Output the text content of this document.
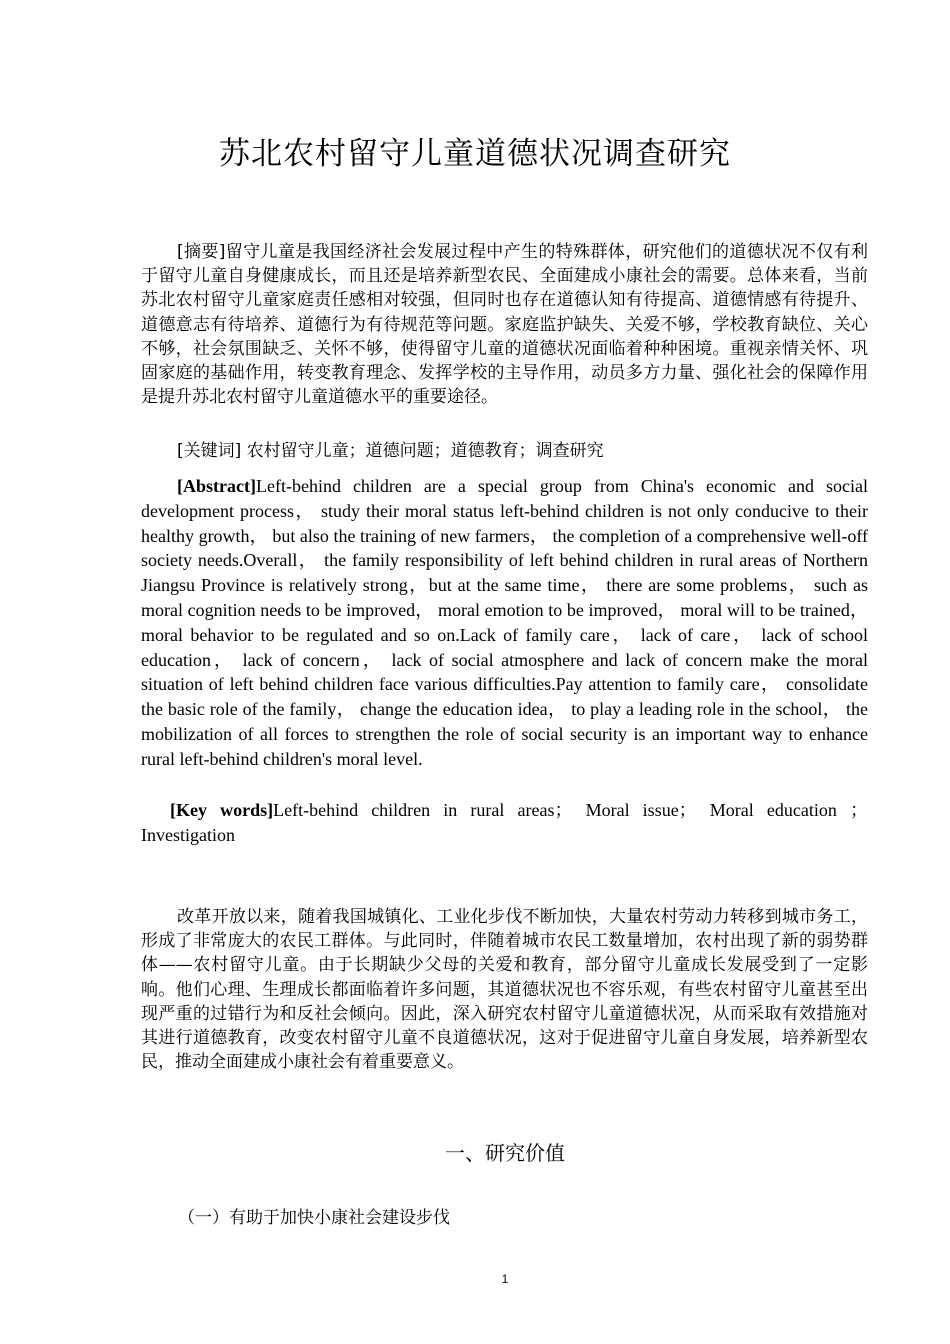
苏北农村留守儿童道德状况调查研究
[摘要]留守儿童是我国经济社会发展过程中产生的特殊群体，研究他们的道德状况不仅有利于留守儿童自身健康成长，而且还是培养新型农民、全面建成小康社会的需要。总体来看，当前苏北农村留守儿童家庭责任感相对较强，但同时也存在道德认知有待提高、道德情感有待提升、道德意志有待培养、道德行为有待规范等问题。家庭监护缺失、关爱不够，学校教育缺位、关心不够，社会氛围缺乏、关怀不够，使得留守儿童的道德状况面临着种种困境。重视亲情关怀、巩固家庭的基础作用，转变教育理念、发挥学校的主导作用，动员多方力量、强化社会的保障作用是提升苏北农村留守儿童道德水平的重要途径。
[关键词] 农村留守儿童；道德问题；道德教育；调查研究
[Abstract]Left-behind children are a special group from China's economic and social development process， study their moral status left-behind children is not only conducive to their healthy growth， but also the training of new farmers， the completion of a comprehensive well-off society needs.Overall， the family responsibility of left behind children in rural areas of Northern Jiangsu Province is relatively strong，but at the same time， there are some problems， such as moral cognition needs to be improved， moral emotion to be improved， moral will to be trained， moral behavior to be regulated and so on.Lack of family care， lack of care， lack of school education， lack of concern， lack of social atmosphere and lack of concern make the moral situation of left behind children face various difficulties.Pay attention to family care， consolidate the basic role of the family， change the education idea， to play a leading role in the school， the mobilization of all forces to strengthen the role of social security is an important way to enhance rural left-behind children's moral level.
[Key words]Left-behind children in rural areas； Moral issue； Moral education ； Investigation
改革开放以来，随着我国城镇化、工业化步伐不断加快，大量农村劳动力转移到城市务工，形成了非常庞大的农民工群体。与此同时，伴随着城市农民工数量增加，农村出现了新的弱势群体——农村留守儿童。由于长期缺少父母的关爱和教育，部分留守儿童成长发展受到了一定影响。他们心理、生理成长都面临着许多问题，其道德状况也不容乐观，有些农村留守儿童甚至出现严重的过错行为和反社会倾向。因此，深入研究农村留守儿童道德状况，从而采取有效措施对其进行道德教育，改变农村留守儿童不良道德状况，这对于促进留守儿童自身发展，培养新型农民，推动全面建成小康社会有着重要意义。
一、研究价值
（一）有助于加快小康社会建设步伐
1
